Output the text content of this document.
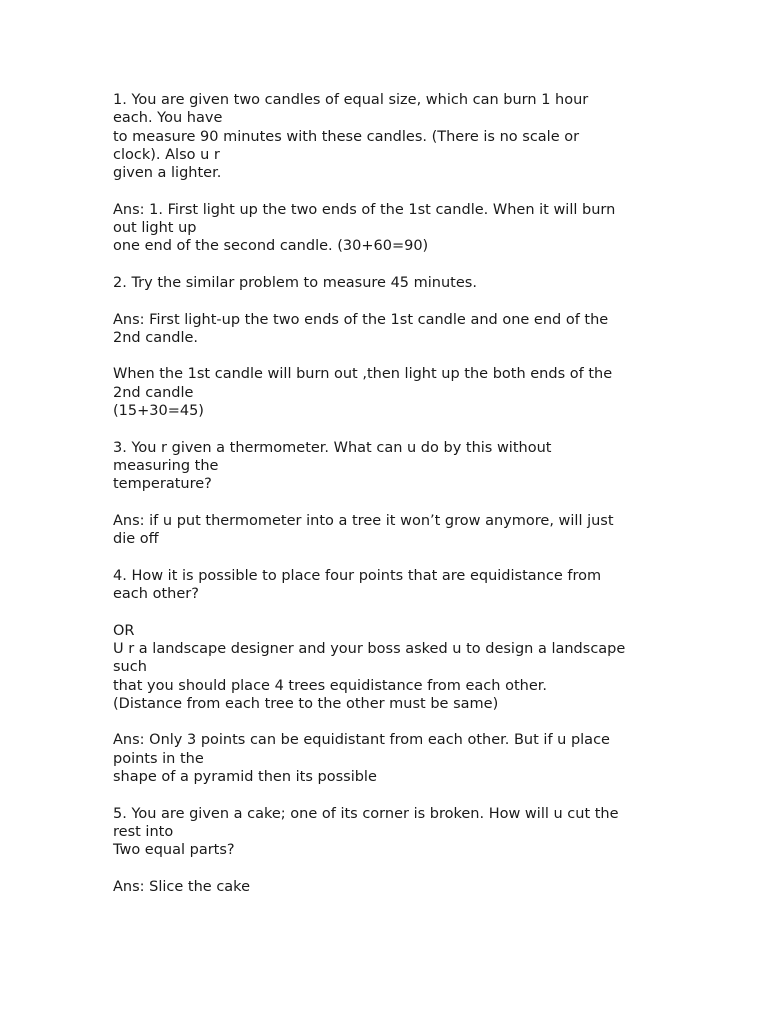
1. You are given two candles of equal size, which can burn 1 hour
each. You have
to measure 90 minutes with these candles. (There is no scale or
clock). Also u r
given a lighter.
Ans: 1. First light up the two ends of the 1st candle. When it will burn
out light up
one end of the second candle. (30+60=90)
2. Try the similar problem to measure 45 minutes.
Ans: First light-up the two ends of the 1st candle and one end of the
2nd candle.
When the 1st candle will burn out ,then light up the both ends of the
2nd candle
(15+30=45)
3. You r given a thermometer. What can u do by this without
measuring the
temperature?
Ans: if u put thermometer into a tree it won’t grow anymore, will just
die off
4. How it is possible to place four points that are equidistance from
each other?
OR
U r a landscape designer and your boss asked u to design a landscape
such
that you should place 4 trees equidistance from each other.
(Distance from each tree to the other must be same)
Ans: Only 3 points can be equidistant from each other. But if u place
points in the
shape of a pyramid then its possible
5. You are given a cake; one of its corner is broken. How will u cut the
rest into
Two equal parts?
Ans: Slice the cake
